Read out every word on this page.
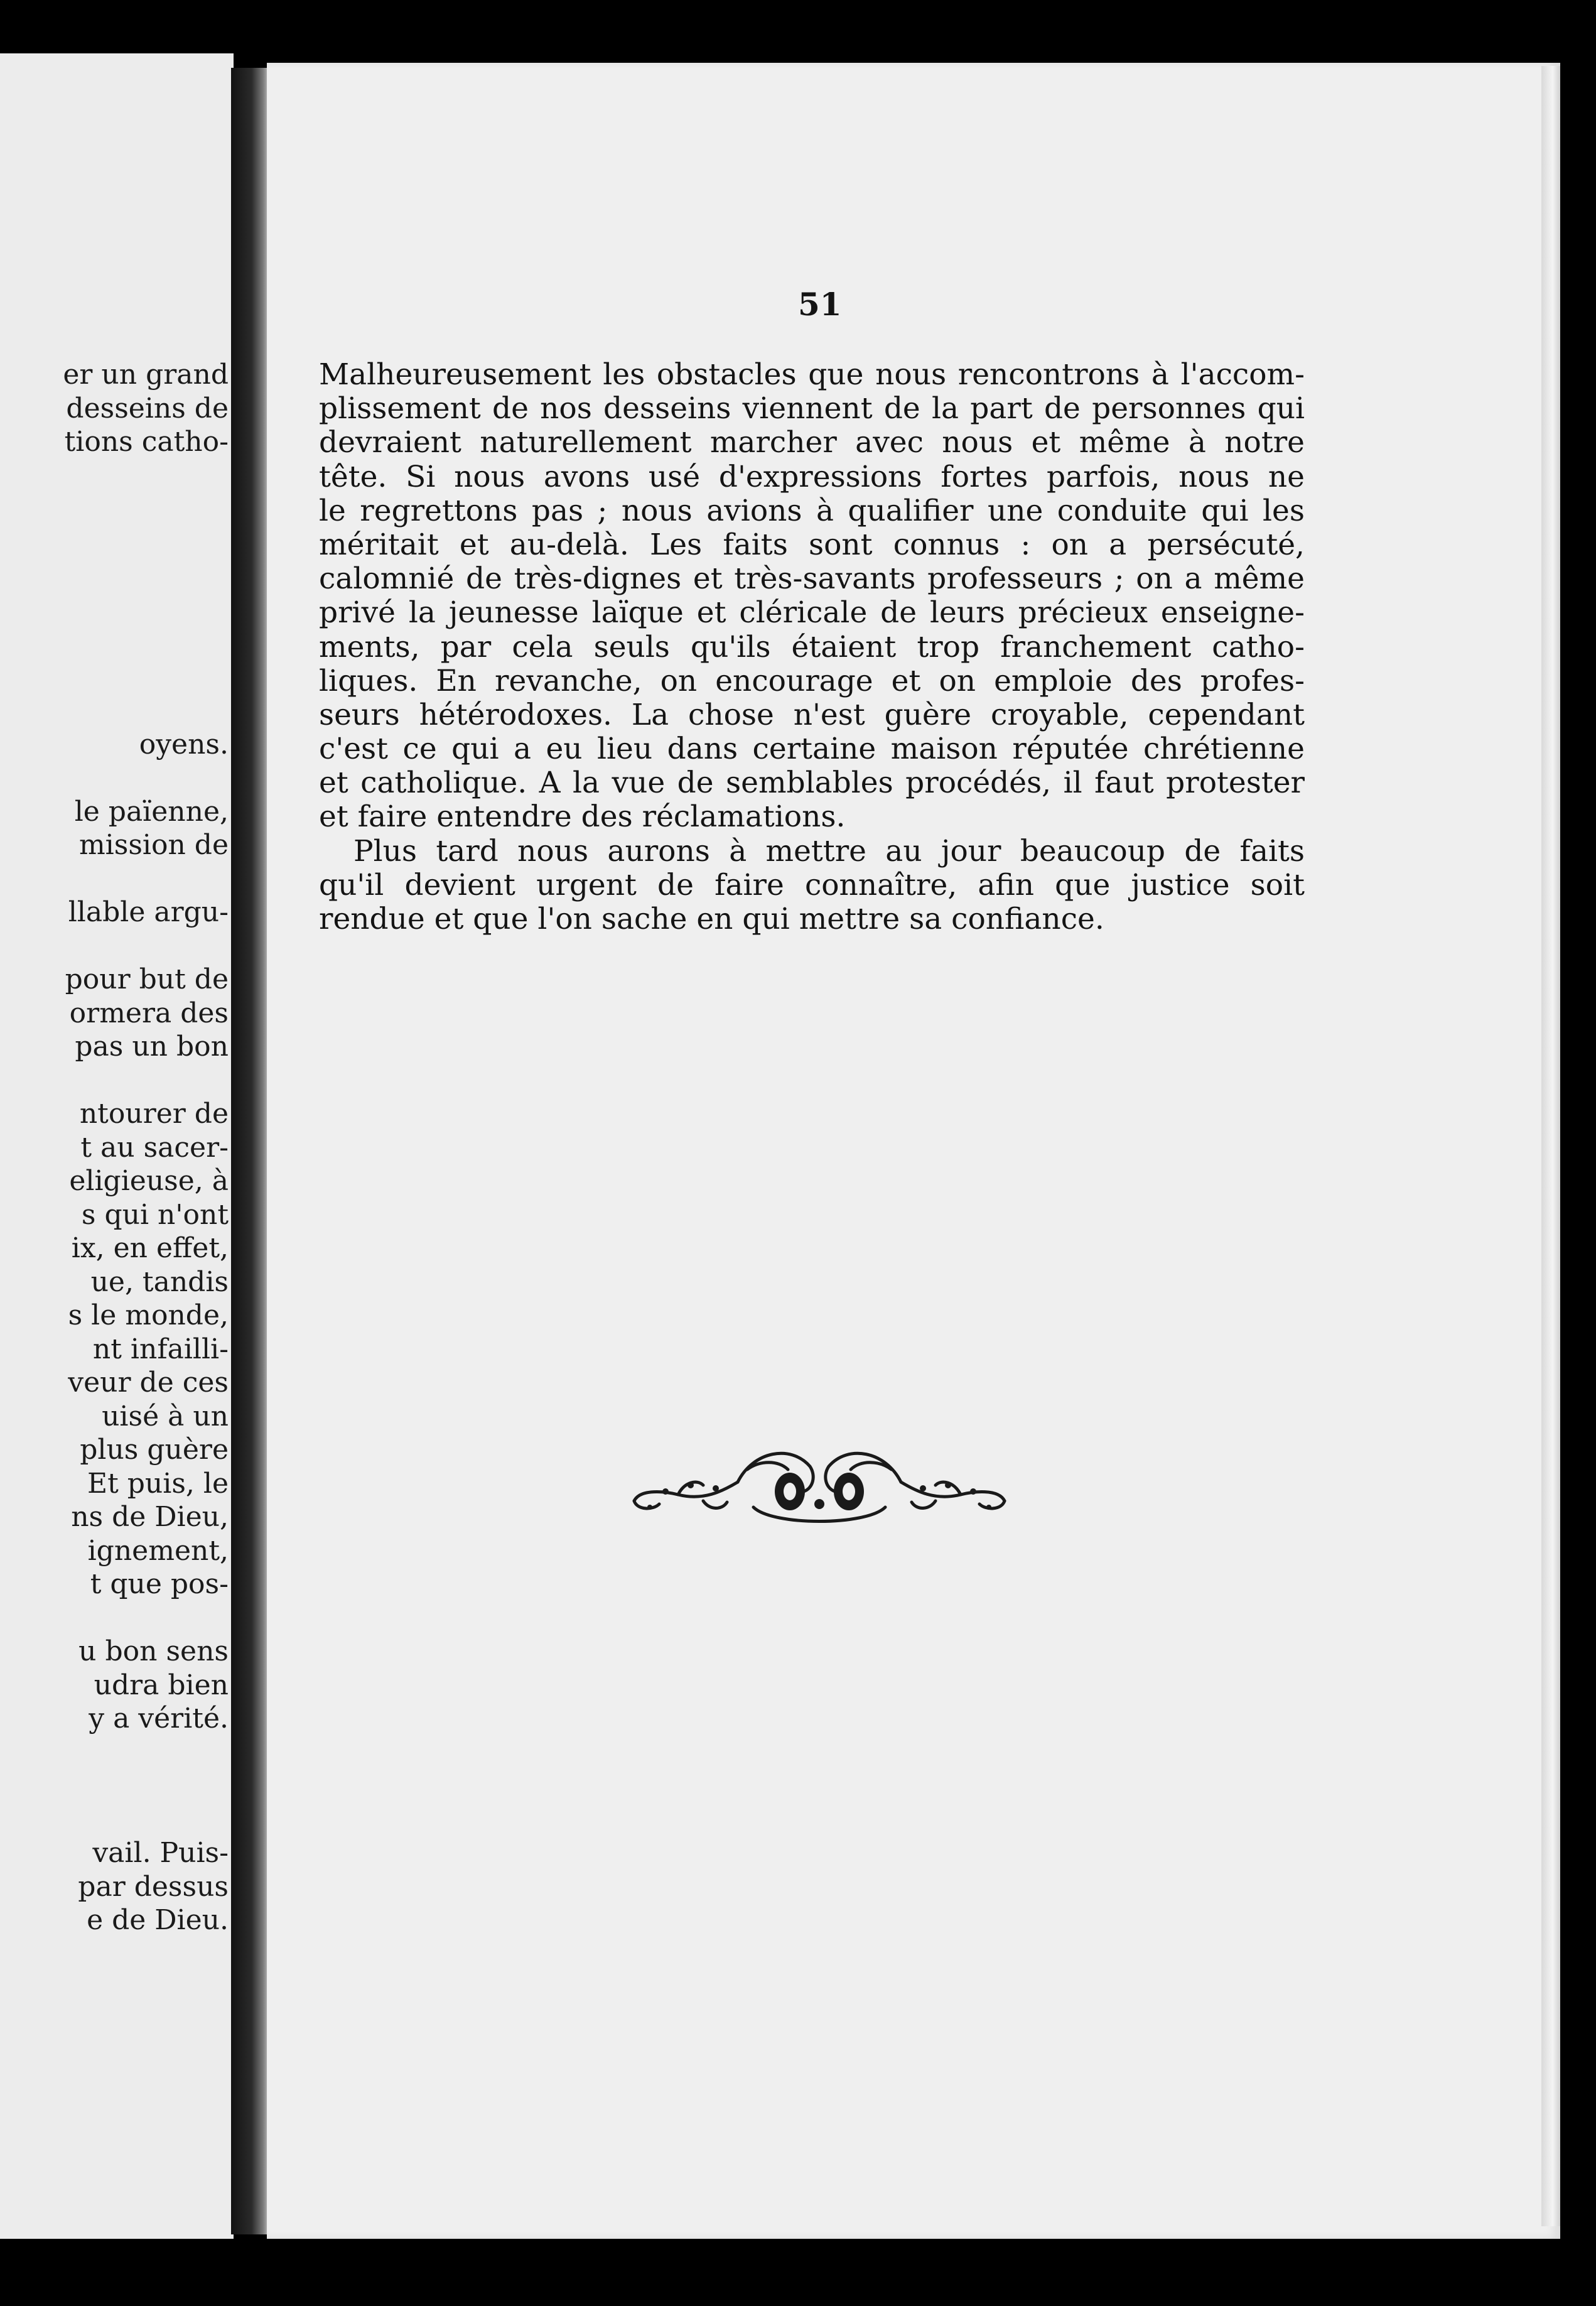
er un grand
desseins de
tions catho-
oyens.
le païenne,
mission de
llable argu-
pour but de
ormera des
pas un bon
ntourer de
t au sacer-
eligieuse, à
s qui n'ont
ix, en effet,
ue, tandis
s le monde,
nt infailli-
veur de ces
uisé à un
plus guère
Et puis, le
ns de Dieu,
ignement,
t que pos-
u bon sens
udra bien
y a vérité.
vail. Puis-
par dessus
e de Dieu.
51
Malheureusement les obstacles que nous rencontrons à l'accom-
plissement de nos desseins viennent de la part de personnes qui
devraient naturellement marcher avec nous et même à notre
tête. Si nous avons usé d'expressions fortes parfois, nous ne
le regrettons pas ; nous avions à qualifier une conduite qui les
méritait et au-delà. Les faits sont connus : on a persécuté,
calomnié de très-dignes et très-savants professeurs ; on a même
privé la jeunesse laïque et cléricale de leurs précieux enseigne-
ments, par cela seuls qu'ils étaient trop franchement catho-
liques. En revanche, on encourage et on emploie des profes-
seurs hétérodoxes. La chose n'est guère croyable, cependant
c'est ce qui a eu lieu dans certaine maison réputée chrétienne
et catholique. A la vue de semblables procédés, il faut protester
et faire entendre des réclamations.
Plus tard nous aurons à mettre au jour beaucoup de faits
qu'il devient urgent de faire connaître, afin que justice soit
rendue et que l'on sache en qui mettre sa confiance.
